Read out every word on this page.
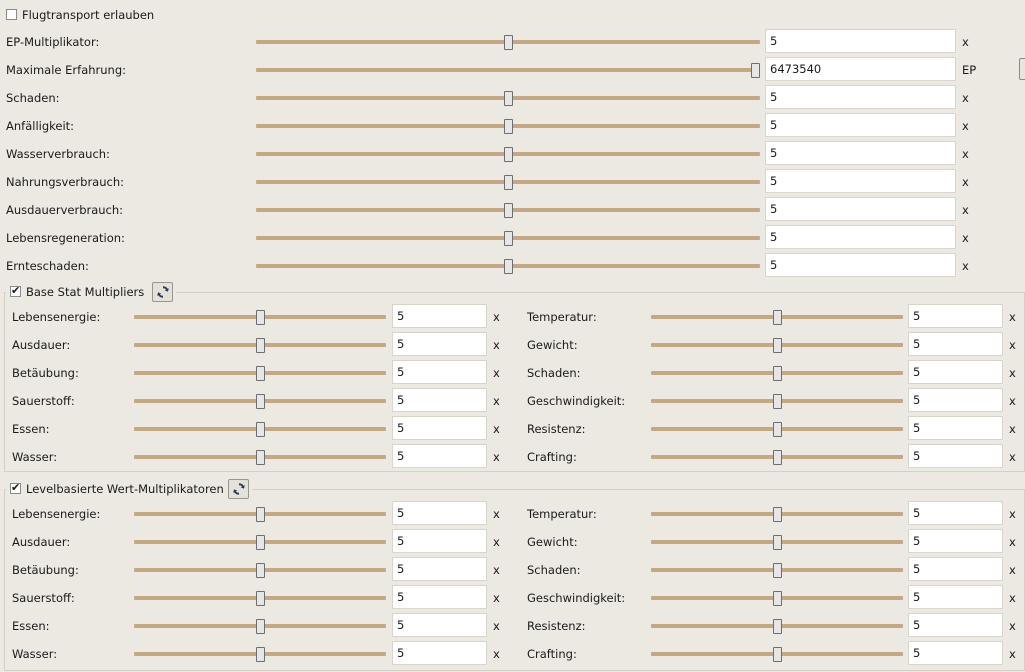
Flugtransport erlauben
EP-Multiplikator:	5	x
Maximale Erfahrung:	6473540	EP
Schaden:	5	x
Anfälligkeit:	5	x
Wasserverbrauch:	5	x
Nahrungsverbrauch:	5	x
Ausdauerverbrauch:	5	x
Lebensregeneration:	5	x
Ernteschaden:	5	x
✔ Base Stat Multipliers
Lebensenergie:	5	x
Ausdauer:	5	x
Betäubung:	5	x
Sauerstoff:	5	x
Essen:	5	x
Wasser:	5	x
Temperatur:	5	x
Gewicht:	5	x
Schaden:	5	x
Geschwindigkeit:	5	x
Resistenz:	5	x
Crafting:	5	x
✔ Levelbasierte Wert-Multiplikatoren
Lebensenergie:	5	x
Ausdauer:	5	x
Betäubung:	5	x
Sauerstoff:	5	x
Essen:	5	x
Wasser:	5	x
Temperatur:	5	x
Gewicht:	5	x
Schaden:	5	x
Geschwindigkeit:	5	x
Resistenz:	5	x
Crafting:	5	x
